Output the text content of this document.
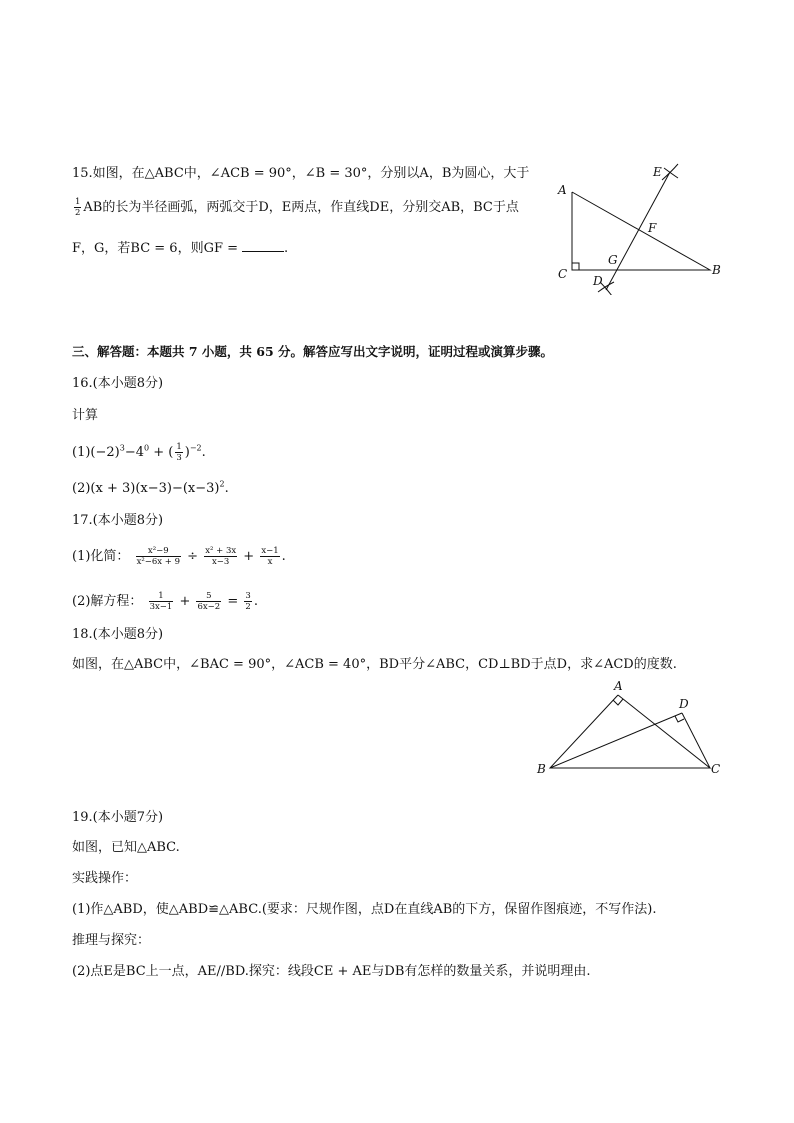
15.如图，在△ABC中，∠ACB = 90°，∠B = 30°，分别以A，B为圆心，大于
$\frac{1}{2}$ AB的长为半径画弧，两弧交于D，E两点，作直线DE，分别交AB，BC于点
F，G，若BC = 6，则GF =	.
A
B
C D
E
F
G
三、解答题：本题共 7 小题，共 65 分。解答应写出文字说明，证明过程或演算步骤。
16.(本小题8分)
计算
$(1)(-2)^3-4^0$ + ( $\frac{1}{3} )^{-2}$.
$(2)(x + 3)(x-3)-(x-3)^2$.
17.(本小题8分)
(1)化简： $\frac{\text{x²−9}}{\text{x²−6x + 9}} \div \frac{\text{x² + 3x}}{x-3} + \frac{x-1}{x}$ .
(2)解方程： $\frac{1}{3x-1} + \frac{5}{6x-2} = \frac{3}{2}$ .
18.(本小题8分)
如图，在△ABC中，∠BAC = 90°，∠ACB = 40°，BD平分∠ABC，CD⊥BD于点D，求∠ACD的度数.
A
B	C
D
19.(本小题7分)
如图，已知△ABC.
实践操作：
(1)作△ABD，使△ABD≌△ABC.(要求：尺规作图，点D在直线AB的下方，保留作图痕迹，不写作法).
推理与探究：
(2)点E是BC上一点，AE//BD.探究：线段CE + AE与DB有怎样的数量关系，并说明理由.
